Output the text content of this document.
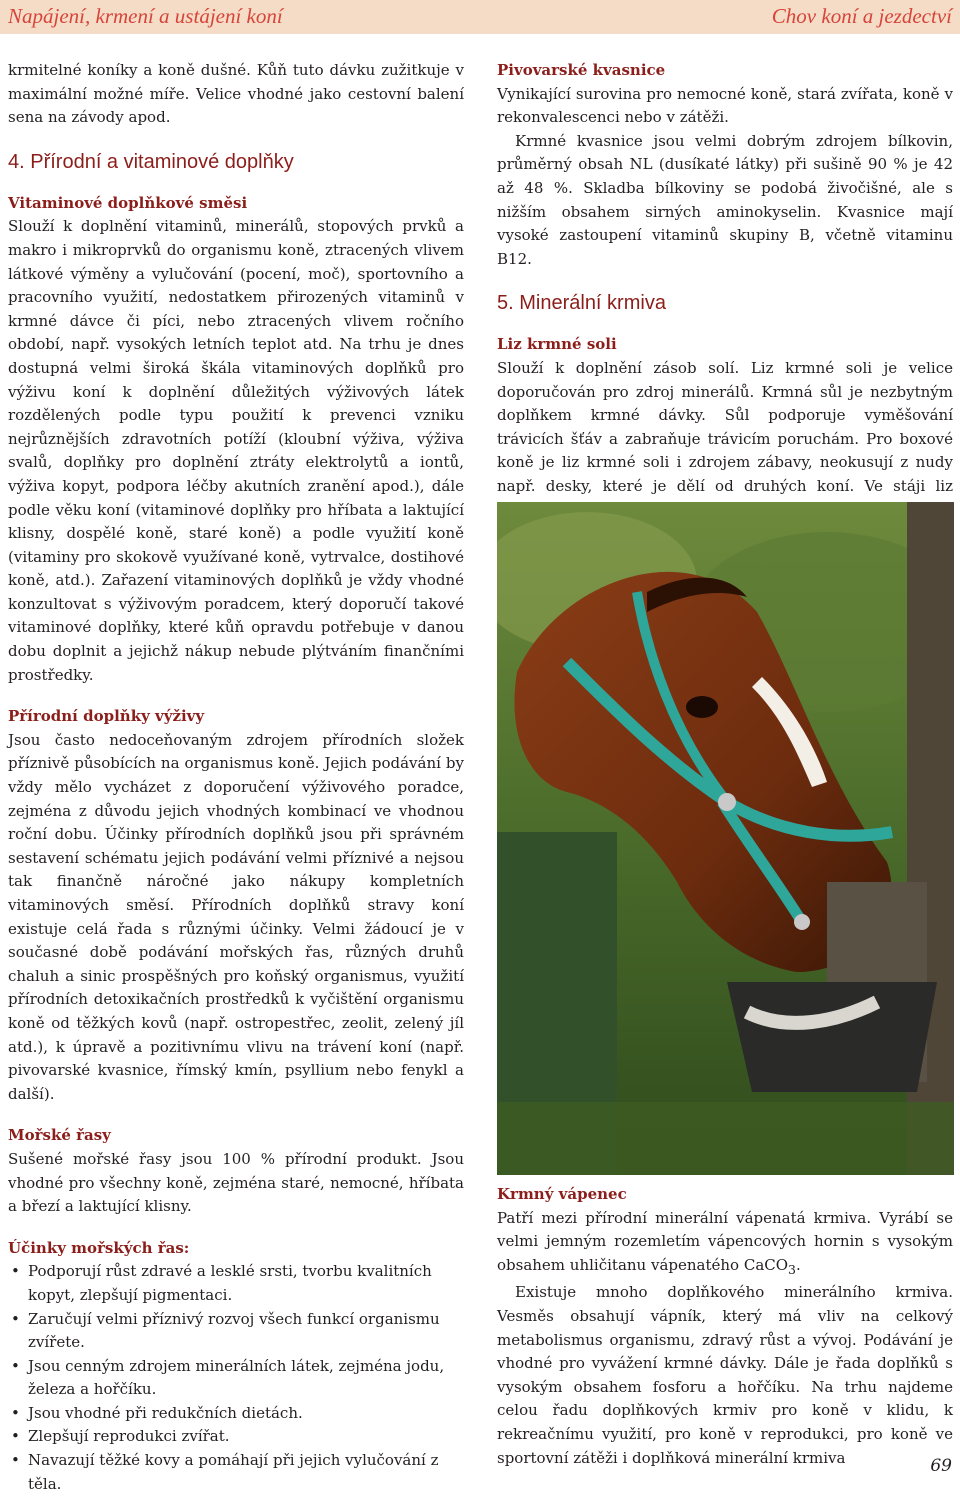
Napájení, krmení a ustájení koní	Chov koní a jezdectví

krmitelné koníky a koně dušné. Kůň tuto dávku zužitkuje v maximální možné míře. Velice vhodné jako cestovní balení sena na závody apod.

4. Přírodní a vitaminové doplňky
Vitaminové doplňkové směsi

Slouží k doplnění vitaminů, minerálů, stopových prvků a makro i mikroprvků do organismu koně, ztracených vlivem látkové výměny a vylučování (pocení, moč), sportovního a pracovního využití, nedostatkem přirozených vitaminů v krmné dávce či píci, nebo ztracených vlivem ročního období, např. vysokých letních teplot atd. Na trhu je dnes dostupná velmi široká škála vitaminových doplňků pro výživu koní k doplnění důležitých výživových látek rozdělených podle typu použití k prevenci vzniku nejrůznějších zdravotních potíží (kloubní výživa, výživa svalů, doplňky pro doplnění ztráty elektrolytů a iontů, výživa kopyt, podpora léčby akutních zranění apod.), dále podle věku koní (vitaminové doplňky pro hříbata a laktující klisny, dospělé koně, staré koně) a podle využití koně (vitaminy pro skokově využívané koně, vytrvalce, dostihové koně, atd.). Zařazení vitaminových doplňků je vždy vhodné konzultovat s výživovým poradcem, který doporučí takové vitaminové doplňky, které kůň opravdu potřebuje v danou dobu doplnit a jejichž nákup nebude plýtváním finančními prostředky.

Přírodní doplňky výživy

Jsou často nedoceňovaným zdrojem přírodních složek příznivě působících na organismus koně. Jejich podávání by vždy mělo vycházet z doporučení výživového poradce, zejména z důvodu jejich vhodných kombinací ve vhodnou roční dobu. Účinky přírodních doplňků jsou při správném sestavení schématu jejich podávání velmi příznivé a nejsou tak finančně náročné jako nákupy kompletních vitaminových směsí. Přírodních doplňků stravy koní existuje celá řada s různými účinky. Velmi žádoucí je v současné době podávání mořských řas, různých druhů chaluh a sinic prospěšných pro koňský organismus, využití přírodních detoxikačních prostředků k vyčištění organismu koně od těžkých kovů (např. ostropestřec, zeolit, zelený jíl atd.), k úpravě a pozitivnímu vlivu na trávení koní (např. pivovarské kvasnice, římský kmín, psyllium nebo fenykl a další).

Mořské řasy

Sušené mořské řasy jsou 100 % přírodní produkt. Jsou vhodné pro všechny koně, zejména staré, nemocné, hříbata a březí a laktující klisny.

Účinky mořských řas:
• Podporují růst zdravé a lesklé srsti, tvorbu kvalitních kopyt, zlepšují pigmentaci.
• Zaručují velmi příznivý rozvoj všech funkcí organismu zvířete.
• Jsou cenným zdrojem minerálních látek, zejména jodu, železa a hořčíku.
• Jsou vhodné při redukčních dietách.
• Zlepšují reprodukci zvířat.
• Navazují těžké kovy a pomáhají při jejich vylučování z těla.
Pivovarské kvasnice

Vynikající surovina pro nemocné koně, stará zvířata, koně v rekonvalescenci nebo v zátěži.

Krmné kvasnice jsou velmi dobrým zdrojem bílkovin, průměrný obsah NL (dusíkaté látky) při sušině 90 % je 42 až 48 %. Skladba bílkoviny se podobá živočišné, ale s nižším obsahem sirných aminokyselin. Kvasnice mají vysoké zastoupení vitaminů skupiny B, včetně vitaminu B12.

5. Minerální krmiva
Liz krmné soli

Slouží k doplnění zásob solí. Liz krmné soli je velice doporučován pro zdroj minerálů. Krmná sůl je nezbytným doplňkem krmné dávky. Sůl podporuje vyměšování trávicích šťáv a zabraňuje trávicím poruchám. Pro boxové koně je liz krmné soli i zdrojem zábavy, neokusují z nudy např. desky, které je dělí od druhých koní. Ve stáji liz

Krmný vápenec

Patří mezi přírodní minerální vápenatá krmiva. Vyrábí se velmi jemným rozemletím vápencových hornin s vysokým obsahem uhličitanu vápenatého CaCO$_3$.

Existuje mnoho doplňkového minerálního krmiva. Vesměs obsahují vápník, který má vliv na celkový metabolismus organismu, zdravý růst a vývoj. Podávání je vhodné pro vyvážení krmné dávky. Dále je řada doplňků s vysokým obsahem fosforu a hořčíku. Na trhu najdeme celou řadu doplňkových krmiv pro koně v klidu, k rekreačnímu využití, pro koně v reprodukci, pro koně ve sportovní zátěži i doplňková minerální krmiva	69
